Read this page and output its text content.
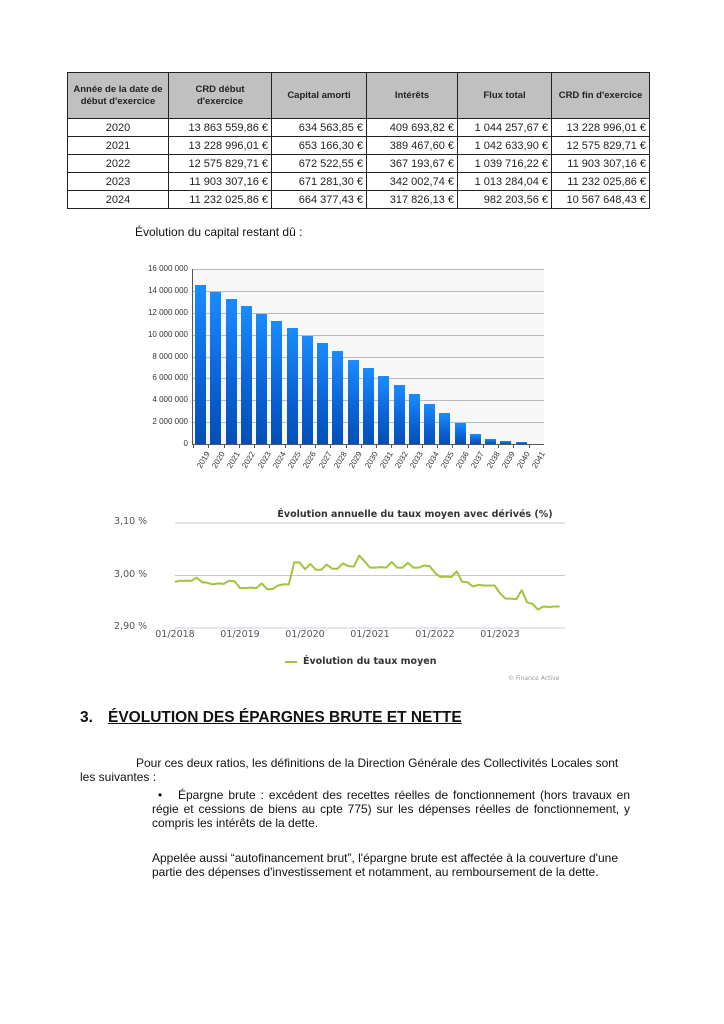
Année de la date de début d'exercice	CRD début d'exercice	Capital amorti	Intérêts	Flux total	CRD fin d'exercice
2020	13 863 559,86 €	634 563,85 €	409 693,82 €	1 044 257,67 €	13 228 996,01 €
2021	13 228 996,01 €	653 166,30 €	389 467,60 €	1 042 633,90 €	12 575 829,71 €
2022	12 575 829,71 €	672 522,55 €	367 193,67 €	1 039 716,22 €	11 903 307,16 €
2023	11 903 307,16 €	671 281,30 €	342 002,74 €	1 013 284,04 €	11 232 025,86 €
2024	11 232 025,86 €	664 377,43 €	317 826,13 €	982 203,56 €	10 567 648,43 €
Évolution du capital restant dû :
0
2 000 000
4 000 000
6 000 000
8 000 000
10 000 000
12 000 000
14 000 000
16 000 000
2019
2020
2021
2022
2023
2024
2025
2026
2027
2028
2029
2030
2031
2032
2033
2034
2035
2036
2037
2038
2039
2040
2041
Évolution annuelle du taux moyen avec dérivés (%)
2,90 %
3,00 %
3,10 %
01/2018	01/2019	01/2020	01/2021	01/2022	01/2023
Évolution du taux moyen
© Finance Active
3. ÉVOLUTION DES ÉPARGNES BRUTE ET NETTE
Pour ces deux ratios, les définitions de la Direction Générale des Collectivités Locales sont les suivantes :
•	Épargne brute : excédent des recettes réelles de fonctionnement (hors travaux en régie et cessions de biens au cpte 775) sur les dépenses réelles de fonctionnement, y compris les intérêts de la dette.
Appelée aussi “autofinancement brut”, l'épargne brute est affectée à la couverture d'une partie des dépenses d'investissement et notamment, au remboursement de la dette.
